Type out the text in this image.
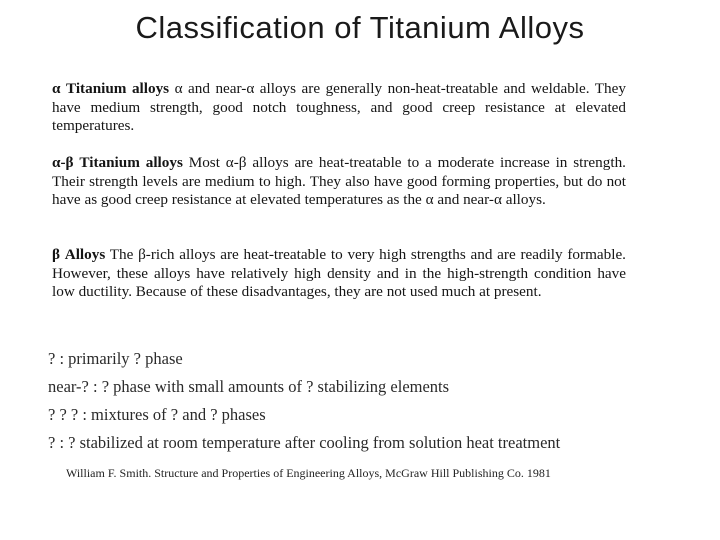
Classification of Titanium Alloys
α Titanium alloys α and near-α alloys are generally non-heat-treatable and weldable. They have medium strength, good notch toughness, and good creep resistance at elevated temperatures.
α-β Titanium alloys Most α-β alloys are heat-treatable to a moderate increase in strength. Their strength levels are medium to high. They also have good forming properties, but do not have as good creep resistance at elevated temperatures as the α and near-α alloys.
β Alloys The β-rich alloys are heat-treatable to very high strengths and are readily formable. However, these alloys have relatively high density and in the high-strength condition have low ductility. Because of these disadvantages, they are not used much at present.
? : primarily ? phase
near-? : ? phase with small amounts of ? stabilizing elements
? ? ? : mixtures of ? and ? phases
? : ? stabilized at room temperature after cooling from solution heat treatment
William F. Smith. Structure and Properties of Engineering Alloys, McGraw Hill Publishing Co. 1981
